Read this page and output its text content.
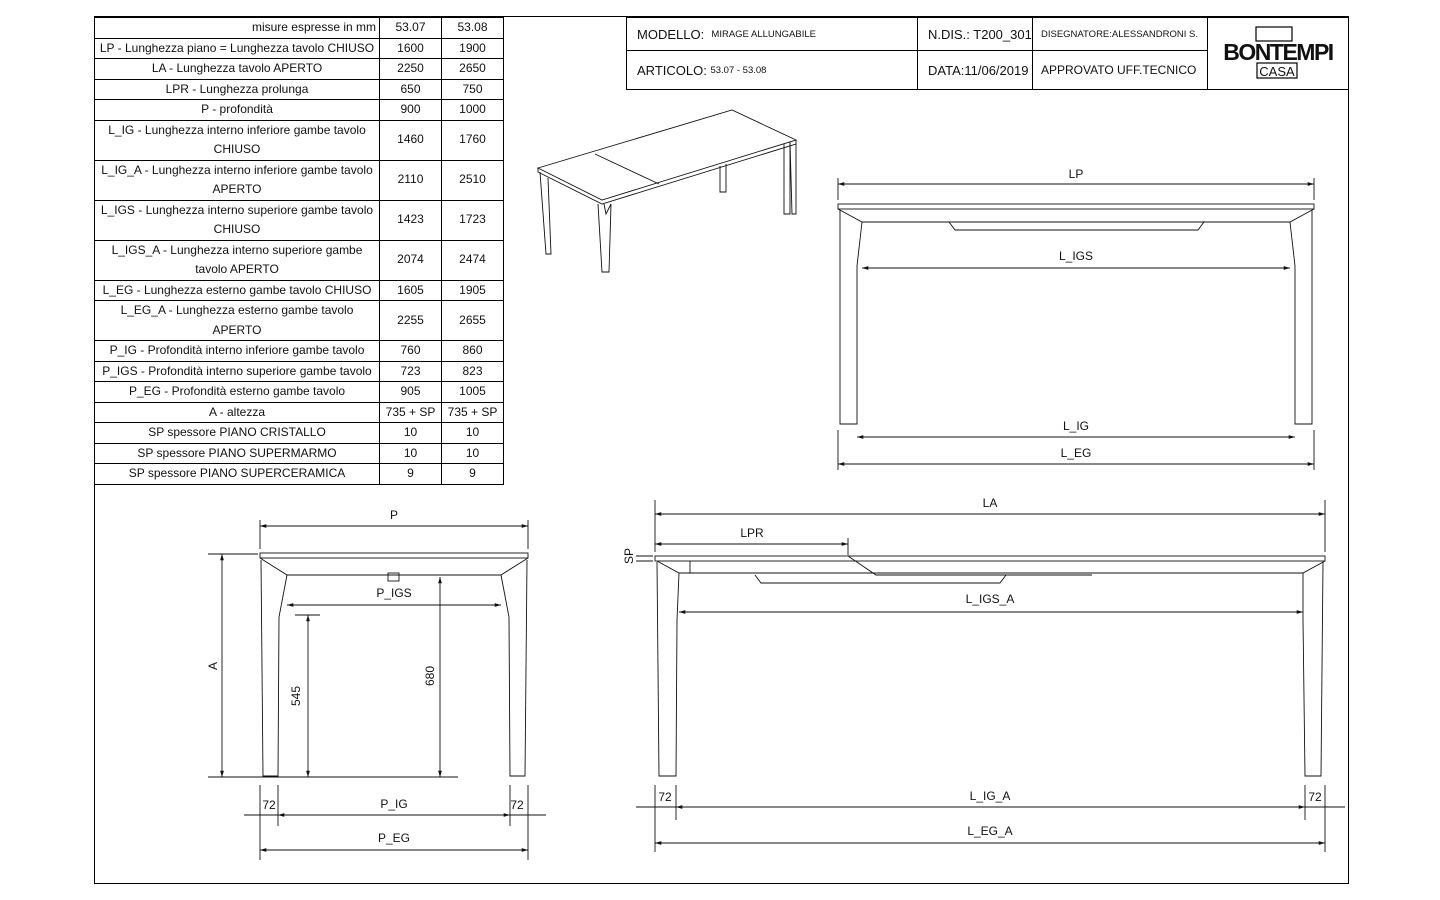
misure espresse in mm	53.07	53.08
LP - Lunghezza piano = Lunghezza tavolo CHIUSO	1600	1900
LA - Lunghezza tavolo APERTO	2250	2650
LPR - Lunghezza prolunga	650	750
P - profondità	900	1000
L_IG - Lunghezza interno inferiore gambe tavolo CHIUSO	1460	1760
L_IG_A - Lunghezza interno inferiore gambe tavolo APERTO	2110	2510
L_IGS - Lunghezza interno superiore gambe tavolo CHIUSO	1423	1723
L_IGS_A - Lunghezza interno superiore gambe tavolo APERTO	2074	2474
L_EG - Lunghezza esterno gambe tavolo CHIUSO	1605	1905
L_EG_A - Lunghezza esterno gambe tavolo APERTO	2255	2655
P_IG - Profondità interno inferiore gambe tavolo	760	860
P_IGS - Profondità interno superiore gambe tavolo	723	823
P_EG - Profondità esterno gambe tavolo	905	1005
A - altezza	735 + SP	735 + SP
SP spessore PIANO CRISTALLO	10	10
SP spessore PIANO SUPERMARMO	10	10
SP spessore PIANO SUPERCERAMICA	9	9
MODELLO:
MIRAGE ALLUNGABILE
ARTICOLO:
53.07 - 53.08
N.DIS.: T200_301
DATA:11/06/2019
DISEGNATORE:ALESSANDRONI S.
APPROVATO UFF.TECNICO
BONTEMPI
CASA
LP
L_IGS
L_IG
L_EG
P
P_IGS
A
545
680
72	72
P_IG
P_EG
LA
LPR
SP
L_IGS_A
72	72
L_IG_A
L_EG_A
